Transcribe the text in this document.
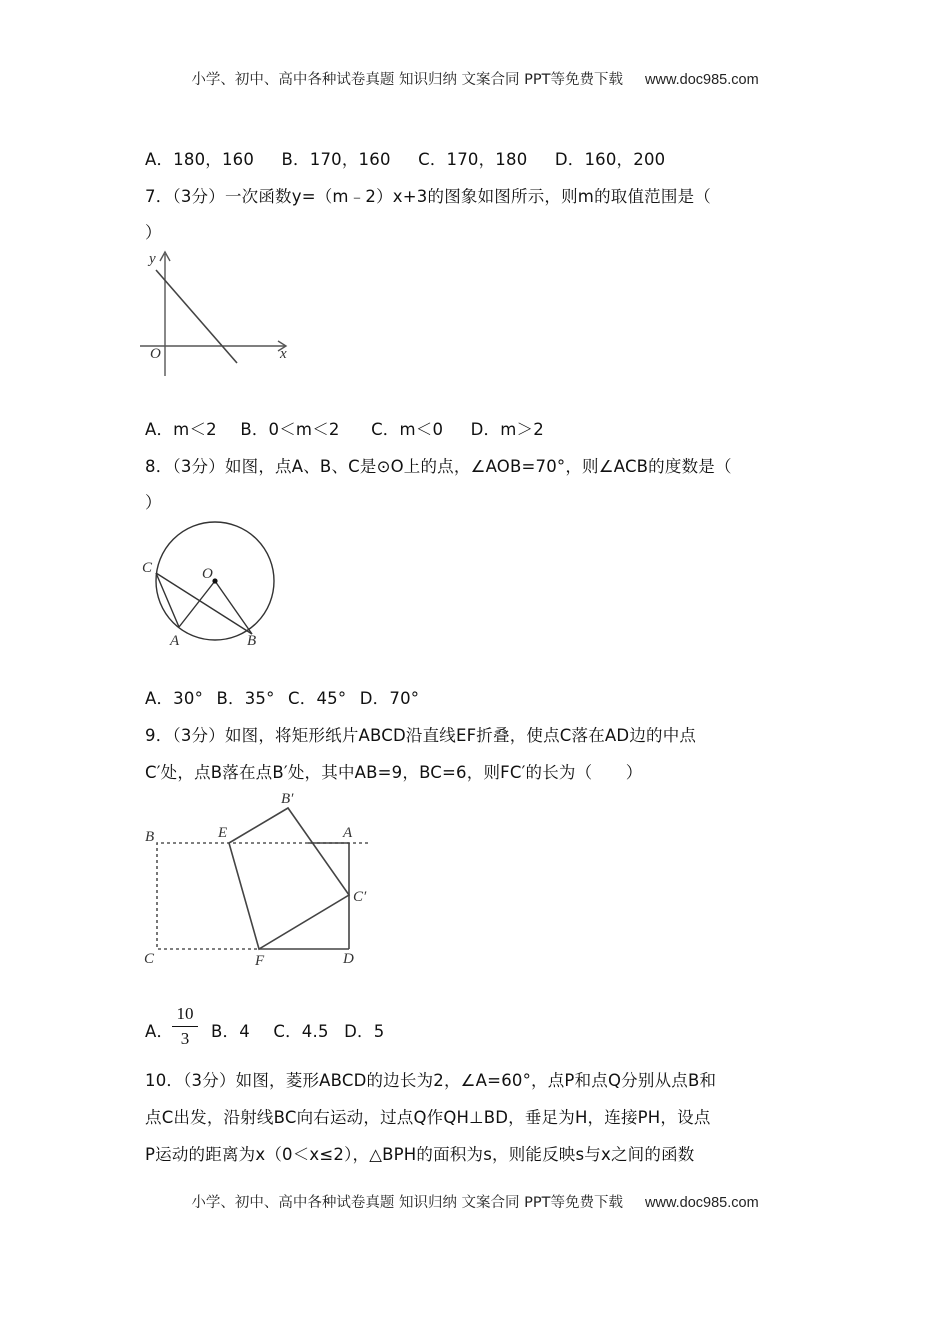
小学、初中、高中各种试卷真题 知识归纳 文案合同 PPT等免费下载 www.doc985.com
A．180，160 B．170，160 C．170，180 D．160，200
7．（3分）一次函数y=（m﹣2）x+3的图象如图所示，则m的取值范围是（
）
y
O	x
A．m＜2 B．0＜m＜2 C．m＜0 D．m＞2
8．（3分）如图，点A、B、C是⊙O上的点，∠AOB=70°，则∠ACB的度数是（
）
C	O
A	B
A．30° B．35° C．45° D．70°
9．（3分）如图，将矩形纸片ABCD沿直线EF折叠，使点C落在AD边的中点
C′处，点B落在点B′处，其中AB=9，BC=6，则FC′的长为（　　）
B′
B	E	A
C′
C	F	D
A．
10
3	B．4 C．4.5 D．5
10．（3分）如图，菱形ABCD的边长为2，∠A=60°，点P和点Q分别从点B和
点C出发，沿射线BC向右运动，过点Q作QH⊥BD，垂足为H，连接PH，设点
P运动的距离为x（0＜x≤2），△BPH的面积为s，则能反映s与x之间的函数
小学、初中、高中各种试卷真题 知识归纳 文案合同 PPT等免费下载 www.doc985.com
